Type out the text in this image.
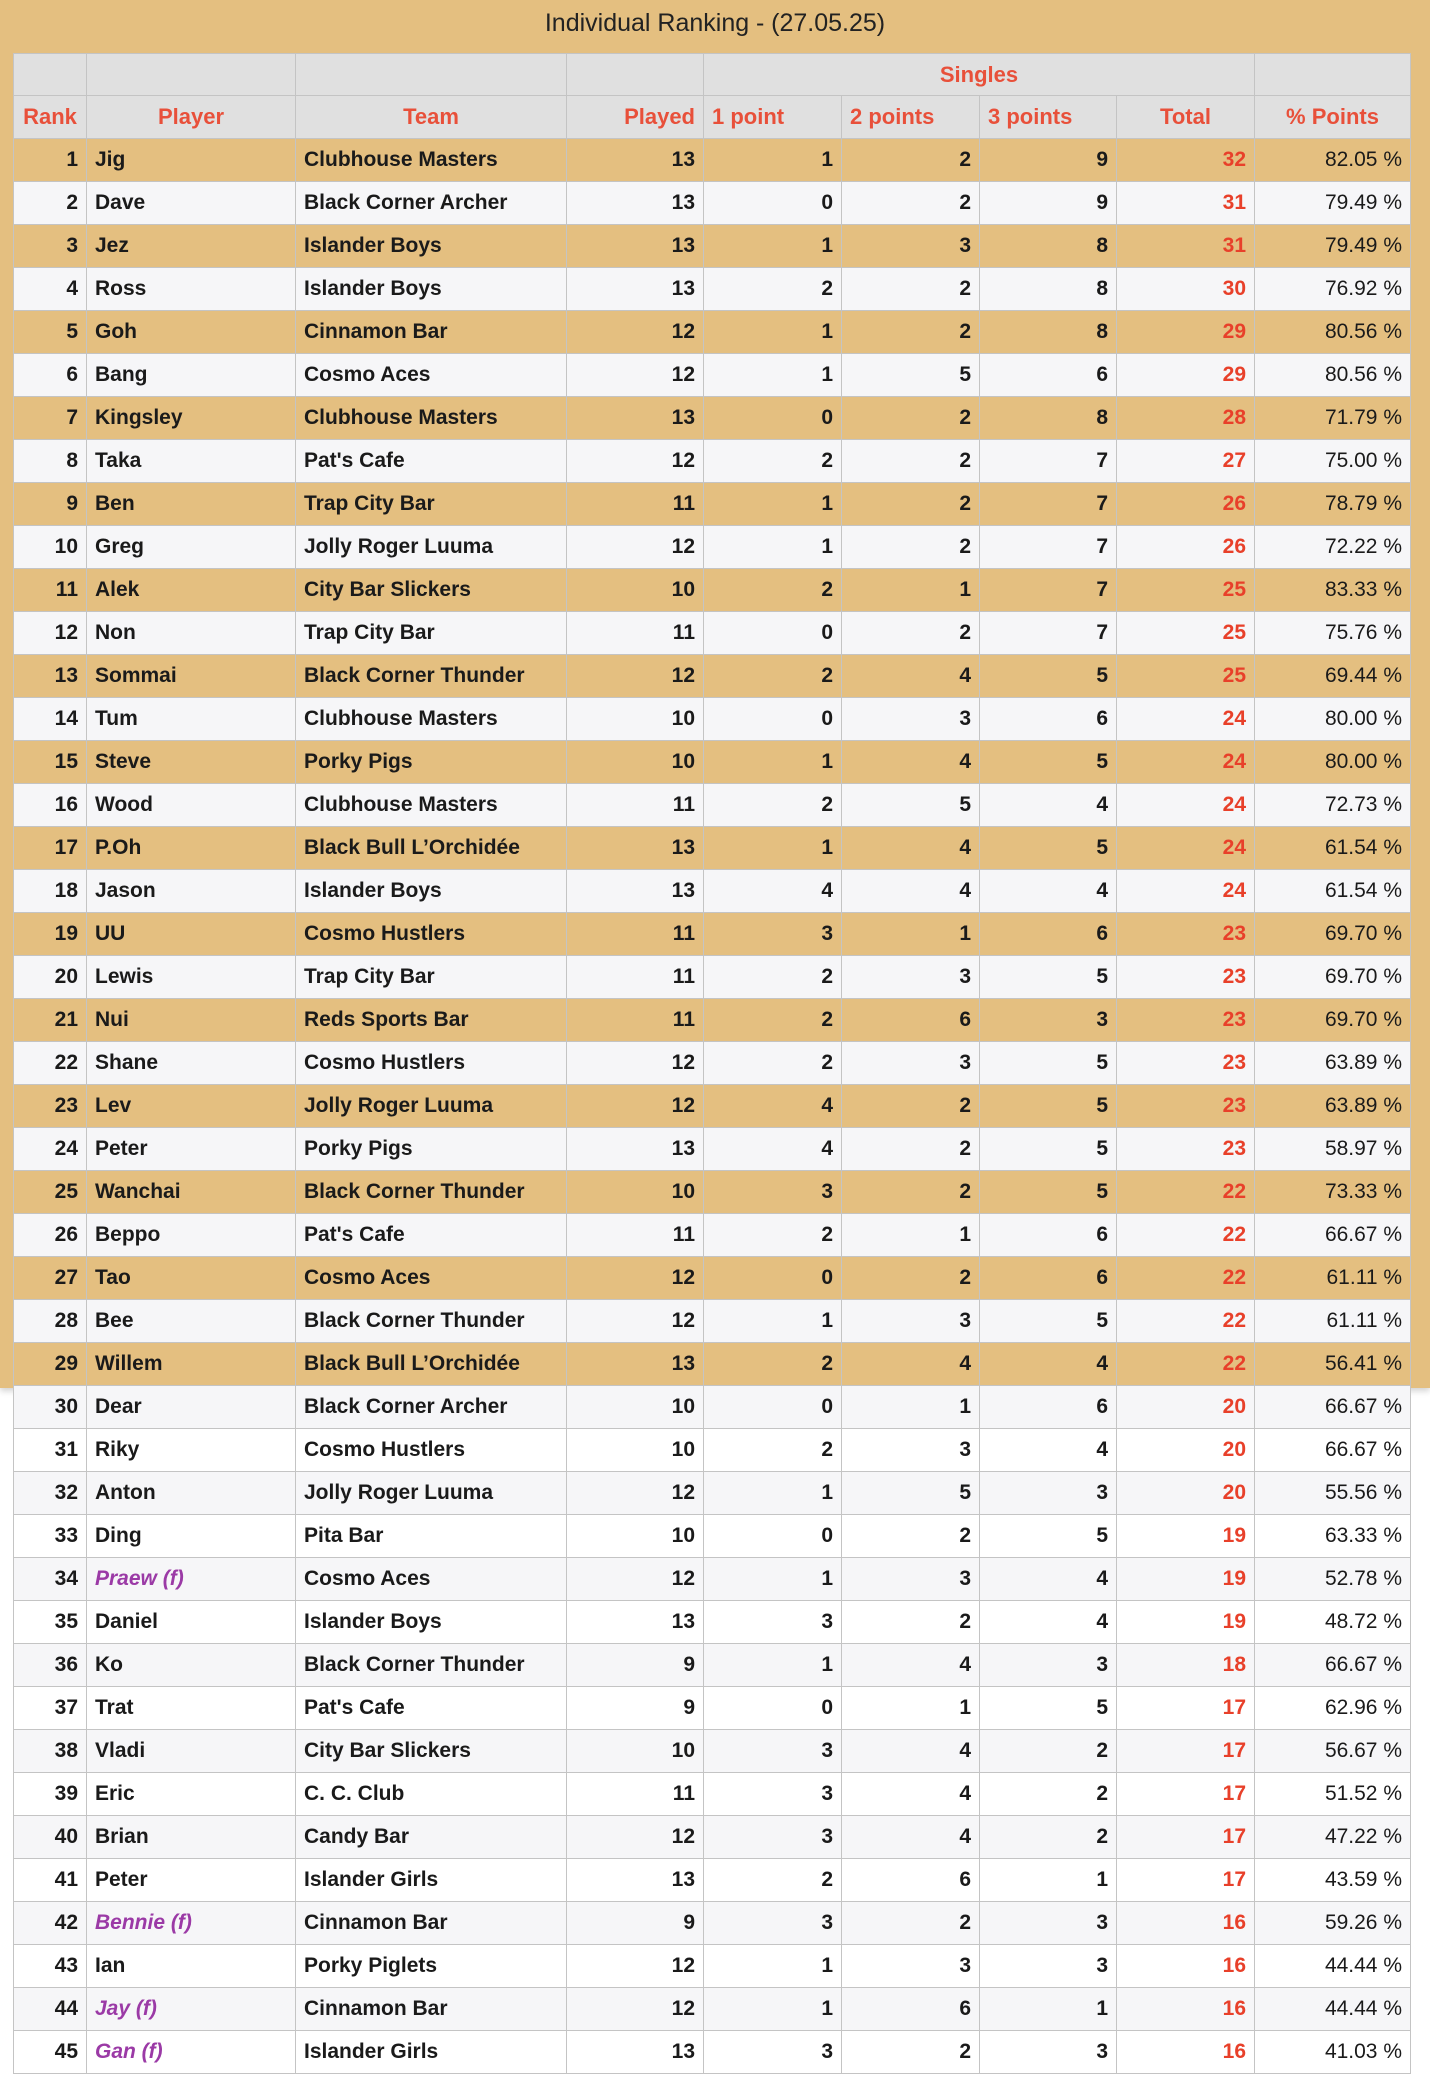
Individual Ranking - (27.05.25)
				Singles				
Rank	Player	Team	Played	1 point	2 points	3 points	Total	% Points
1	Jig	Clubhouse Masters	13	1	2	9	32	82.05 %
2	Dave	Black Corner Archer	13	0	2	9	31	79.49 %
3	Jez	Islander Boys	13	1	3	8	31	79.49 %
4	Ross	Islander Boys	13	2	2	8	30	76.92 %
5	Goh	Cinnamon Bar	12	1	2	8	29	80.56 %
6	Bang	Cosmo Aces	12	1	5	6	29	80.56 %
7	Kingsley	Clubhouse Masters	13	0	2	8	28	71.79 %
8	Taka	Pat's Cafe	12	2	2	7	27	75.00 %
9	Ben	Trap City Bar	11	1	2	7	26	78.79 %
10	Greg	Jolly Roger Luuma	12	1	2	7	26	72.22 %
11	Alek	City Bar Slickers	10	2	1	7	25	83.33 %
12	Non	Trap City Bar	11	0	2	7	25	75.76 %
13	Sommai	Black Corner Thunder	12	2	4	5	25	69.44 %
14	Tum	Clubhouse Masters	10	0	3	6	24	80.00 %
15	Steve	Porky Pigs	10	1	4	5	24	80.00 %
16	Wood	Clubhouse Masters	11	2	5	4	24	72.73 %
17	P.Oh	Black Bull L’Orchidée	13	1	4	5	24	61.54 %
18	Jason	Islander Boys	13	4	4	4	24	61.54 %
19	UU	Cosmo Hustlers	11	3	1	6	23	69.70 %
20	Lewis	Trap City Bar	11	2	3	5	23	69.70 %
21	Nui	Reds Sports Bar	11	2	6	3	23	69.70 %
22	Shane	Cosmo Hustlers	12	2	3	5	23	63.89 %
23	Lev	Jolly Roger Luuma	12	4	2	5	23	63.89 %
24	Peter	Porky Pigs	13	4	2	5	23	58.97 %
25	Wanchai	Black Corner Thunder	10	3	2	5	22	73.33 %
26	Beppo	Pat's Cafe	11	2	1	6	22	66.67 %
27	Tao	Cosmo Aces	12	0	2	6	22	61.11 %
28	Bee	Black Corner Thunder	12	1	3	5	22	61.11 %
29	Willem	Black Bull L’Orchidée	13	2	4	4	22	56.41 %
30	Dear	Black Corner Archer	10	0	1	6	20	66.67 %
31	Riky	Cosmo Hustlers	10	2	3	4	20	66.67 %
32	Anton	Jolly Roger Luuma	12	1	5	3	20	55.56 %
33	Ding	Pita Bar	10	0	2	5	19	63.33 %
34	Praew (f)	Cosmo Aces	12	1	3	4	19	52.78 %
35	Daniel	Islander Boys	13	3	2	4	19	48.72 %
36	Ko	Black Corner Thunder	9	1	4	3	18	66.67 %
37	Trat	Pat's Cafe	9	0	1	5	17	62.96 %
38	Vladi	City Bar Slickers	10	3	4	2	17	56.67 %
39	Eric	C. C. Club	11	3	4	2	17	51.52 %
40	Brian	Candy Bar	12	3	4	2	17	47.22 %
41	Peter	Islander Girls	13	2	6	1	17	43.59 %
42	Bennie (f)	Cinnamon Bar	9	3	2	3	16	59.26 %
43	Ian	Porky Piglets	12	1	3	3	16	44.44 %
44	Jay (f)	Cinnamon Bar	12	1	6	1	16	44.44 %
45	Gan (f)	Islander Girls	13	3	2	3	16	41.03 %
